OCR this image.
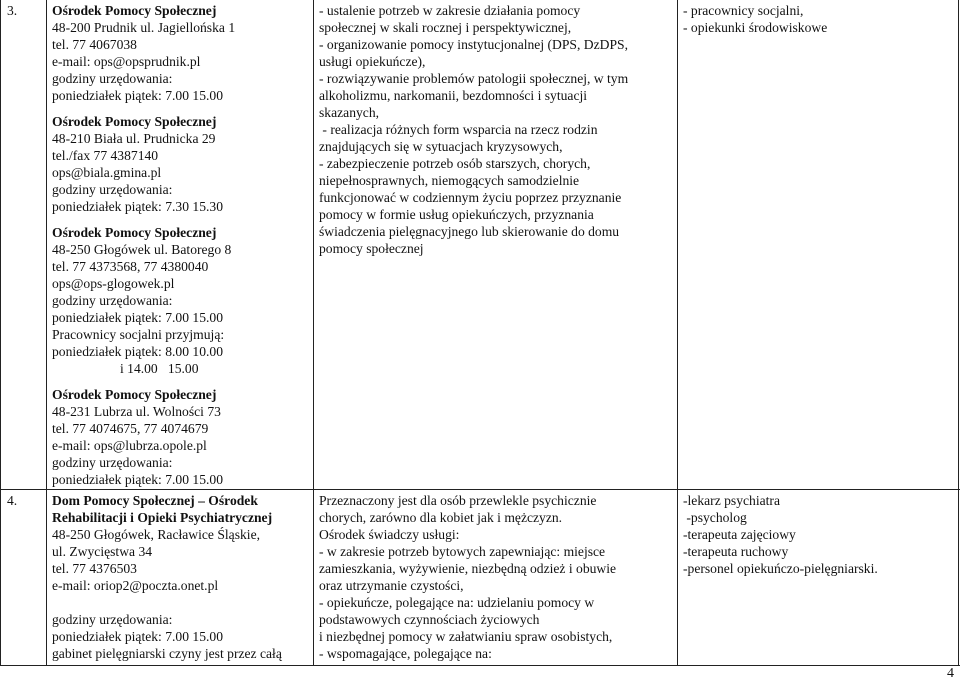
3.	Ośrodek Pomocy Społecznej
48-200 Prudnik ul. Jagiellońska 1
tel. 77 4067038
e-mail: ops@opsprudnik.pl
godziny urzędowania:
poniedziałek piątek: 7.00 15.00
Ośrodek Pomocy Społecznej
48-210 Biała ul. Prudnicka 29
tel./fax 77 4387140
ops@biala.gmina.pl
godziny urzędowania:
poniedziałek piątek: 7.30 15.30
Ośrodek Pomocy Społecznej
48-250 Głogówek ul. Batorego 8
tel. 77 4373568, 77 4380040
ops@ops-glogowek.pl
godziny urzędowania:
poniedziałek piątek: 7.00 15.00
Pracownicy socjalni przyjmują:
poniedziałek piątek: 8.00 10.00
i 14.00   15.00
Ośrodek Pomocy Społecznej
48-231 Lubrza ul. Wolności 73
tel. 77 4074675, 77 4074679
e-mail: ops@lubrza.opole.pl
godziny urzędowania:
poniedziałek piątek: 7.00 15.00
- ustalenie potrzeb w zakresie działania pomocy
społecznej w skali rocznej i perspektywicznej,
- organizowanie pomocy instytucjonalnej (DPS, DzDPS,
usługi opiekuńcze),
- rozwiązywanie problemów patologii społecznej, w tym
alkoholizmu, narkomanii, bezdomności i sytuacji
skazanych,
- realizacja różnych form wsparcia na rzecz rodzin
znajdujących się w sytuacjach kryzysowych,
- zabezpieczenie potrzeb osób starszych, chorych,
niepełnosprawnych, niemogących samodzielnie
funkcjonować w codziennym życiu poprzez przyznanie
pomocy w formie usług opiekuńczych, przyznania
świadczenia pielęgnacyjnego lub skierowanie do domu
pomocy społecznej
- pracownicy socjalni,
- opiekunki środowiskowe
4.	Dom Pomocy Społecznej – Ośrodek
Rehabilitacji i Opieki Psychiatrycznej
48-250 Głogówek, Racławice Śląskie,
ul. Zwycięstwa 34
tel. 77 4376503
e-mail: oriop2@poczta.onet.pl
godziny urzędowania:
poniedziałek piątek: 7.00 15.00
gabinet pielęgniarski czyny jest przez całą
Przeznaczony jest dla osób przewlekle psychicznie
chorych, zarówno dla kobiet jak i mężczyzn.
Ośrodek świadczy usługi:
- w zakresie potrzeb bytowych zapewniając: miejsce
zamieszkania, wyżywienie, niezbędną odzież i obuwie
oraz utrzymanie czystości,
- opiekuńcze, polegające na: udzielaniu pomocy w
podstawowych czynnościach życiowych
i niezbędnej pomocy w załatwianiu spraw osobistych,
- wspomagające, polegające na:
-lekarz psychiatra
-psycholog
-terapeuta zajęciowy
-terapeuta ruchowy
-personel opiekuńczo-pielęgniarski.
4
